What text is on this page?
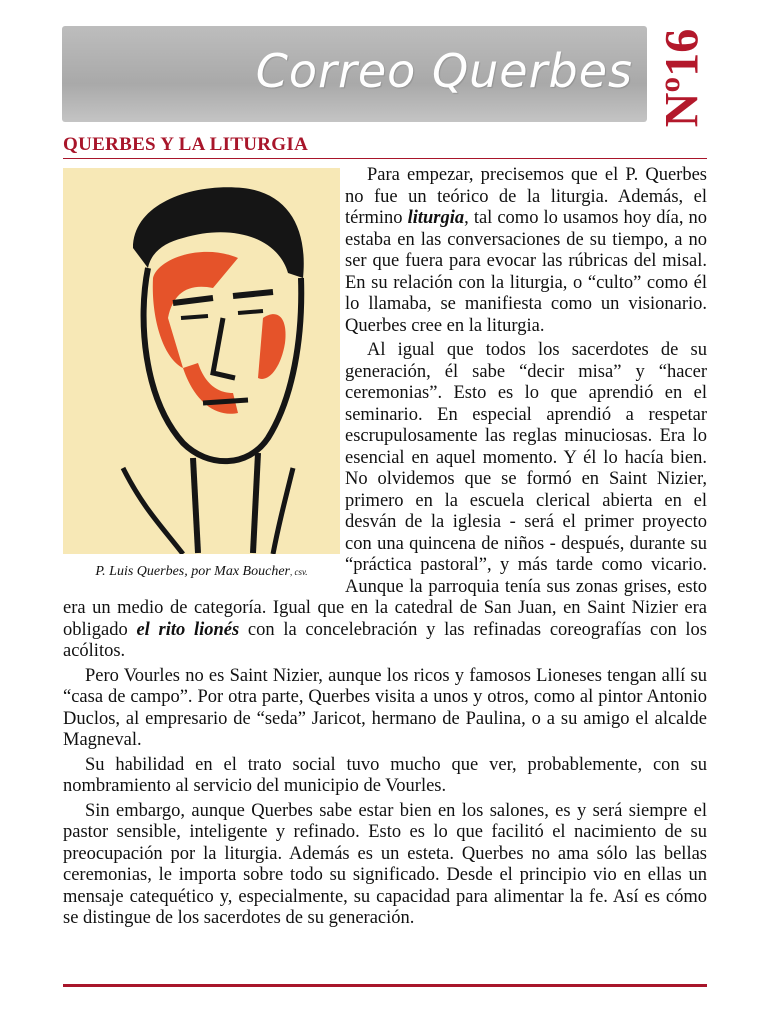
Correo Querbes Nº16
QUERBES Y LA LITURGIA
P. Luis Querbes, por Max Boucher, csv.

Para empezar, precisemos que el P. Querbes no fue un teórico de la liturgia. Además, el término liturgia, tal como lo usamos hoy día, no estaba en las conversaciones de su tiempo, a no ser que fuera para evocar las rúbricas del misal. En su relación con la liturgia, o “culto” como él lo llamaba, se manifiesta como un visionario. Querbes cree en la liturgia.

Al igual que todos los sacerdotes de su generación, él sabe “decir misa” y “hacer ceremonias”. Esto es lo que aprendió en el seminario. En especial aprendió a respetar escrupulosamente las reglas minuciosas. Era lo esencial en aquel momento. Y él lo hacía bien. No olvidemos que se formó en Saint Nizier, primero en la escuela clerical abierta en el desván de la iglesia - será el primer proyecto con una quincena de niños - después, durante su “práctica pastoral”, y más tarde como vicario. Aunque la parroquia tenía sus zonas grises, esto era un medio de categoría. Igual que en la catedral de San Juan, en Saint Nizier era obligado el rito lionés con la concelebración y las refinadas coreografías con los acólitos.

Pero Vourles no es Saint Nizier, aunque los ricos y famosos Lioneses tengan allí su “casa de campo”. Por otra parte, Querbes visita a unos y otros, como al pintor Antonio Duclos, al empresario de “seda” Jaricot, hermano de Paulina, o a su amigo el alcalde Magneval.

Su habilidad en el trato social tuvo mucho que ver, probablemente, con su nombramiento al servicio del municipio de Vourles.

Sin embargo, aunque Querbes sabe estar bien en los salones, es y será siempre el pastor sensible, inteligente y refinado. Esto es lo que facilitó el nacimiento de su preocupación por la liturgia. Además es un esteta. Querbes no ama sólo las bellas ceremonias, le importa sobre todo su significado. Desde el principio vio en ellas un mensaje catequético y, especialmente, su capacidad para alimentar la fe. Así es cómo se distingue de los sacerdotes de su generación.
